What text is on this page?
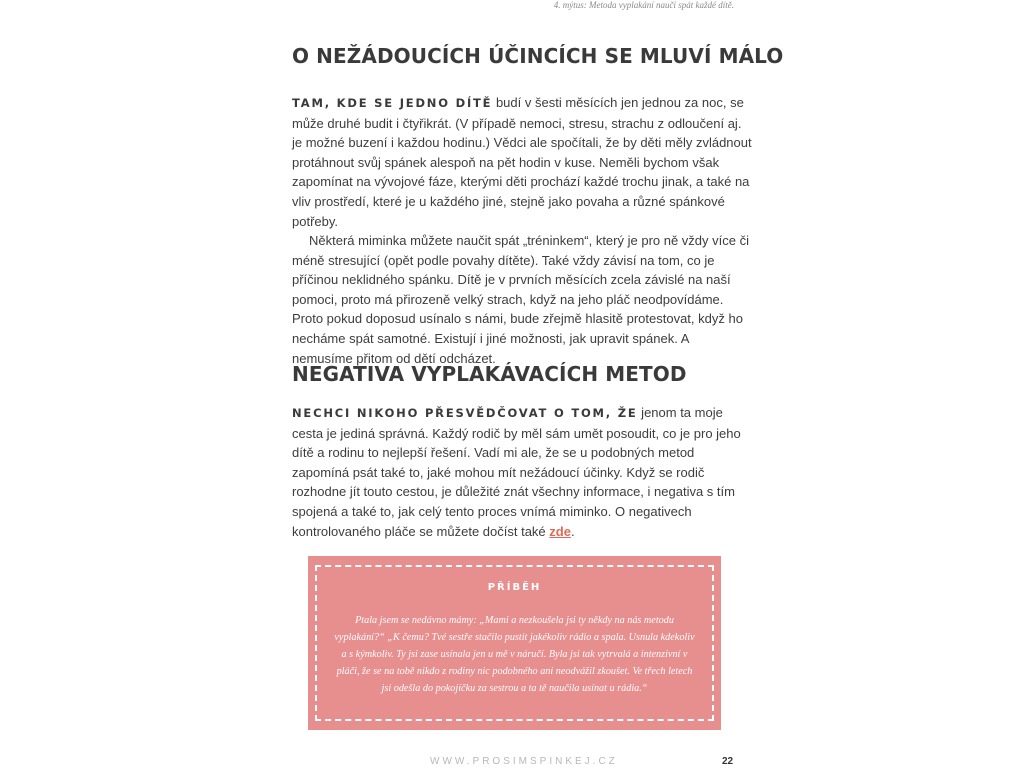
4. mýtus: Metoda vyplakání naučí spát každé dítě.
O NEŽÁDOUCÍCH ÚČINCÍCH SE MLUVÍ MÁLO

TAM, KDE SE JEDNO DÍTĚ budí v šesti měsících jen jednou za noc, se může druhé budit i čtyřikrát. (V případě nemoci, stresu, strachu z odloučení aj. je možné buzení i každou hodinu.) Vědci ale spočítali, že by děti měly zvládnout protáhnout svůj spánek alespoň na pět hodin v kuse. Neměli bychom však zapomínat na vývojové fáze, kterými děti prochází každé trochu jinak, a také na vliv prostředí, které je u každého jiné, stejně jako povaha a různé spánkové potřeby.

Některá miminka můžete naučit spát „tréninkem“, který je pro ně vždy více či méně stresující (opět podle povahy dítěte). Také vždy závisí na tom, co je příčinou neklidného spánku. Dítě je v prvních měsících zcela závislé na naší pomoci, proto má přirozeně velký strach, když na jeho pláč neodpovídáme. Proto pokud doposud usínalo s námi, bude zřejmě hlasitě protestovat, když ho necháme spát samotné. Existují i jiné možnosti, jak upravit spánek. A nemusíme přitom od dětí odcházet.

NEGATIVA VYPLAKÁVACÍCH METOD

NECHCI NIKOHO PŘESVĚDČOVAT O TOM, ŽE jenom ta moje cesta je jediná správná. Každý rodič by měl sám umět posoudit, co je pro jeho dítě a rodinu to nejlepší řešení. Vadí mi ale, že se u podobných metod zapomíná psát také to, jaké mohou mít nežádoucí účinky. Když se rodič rozhodne jít touto cestou, je důležité znát všechny informace, i negativa s tím spojená a také to, jak celý tento proces vnímá miminko. O negativech kontrolovaného pláče se můžete dočíst také zde.

PŘÍBĚH

Ptala jsem se nedávno mámy: „Mami a nezkoušela jsi ty někdy na nás metodu vyplakání?“ „K čemu? Tvé sestře stačilo pustit jakékoliv rádio a spala. Usnula kdekoliv a s kýmkoliv. Ty jsi zase usínala jen u mě v náručí. Byla jsi tak vytrvalá a intenzivní v pláči, že se na tobě nikdo z rodiny nic podobného ani neodvážil zkoušet. Ve třech letech jsi odešla do pokojíčku za sestrou a ta tě naučila usínat u rádia.“

WWW.PROSIMSPINKEJ.CZ	22
